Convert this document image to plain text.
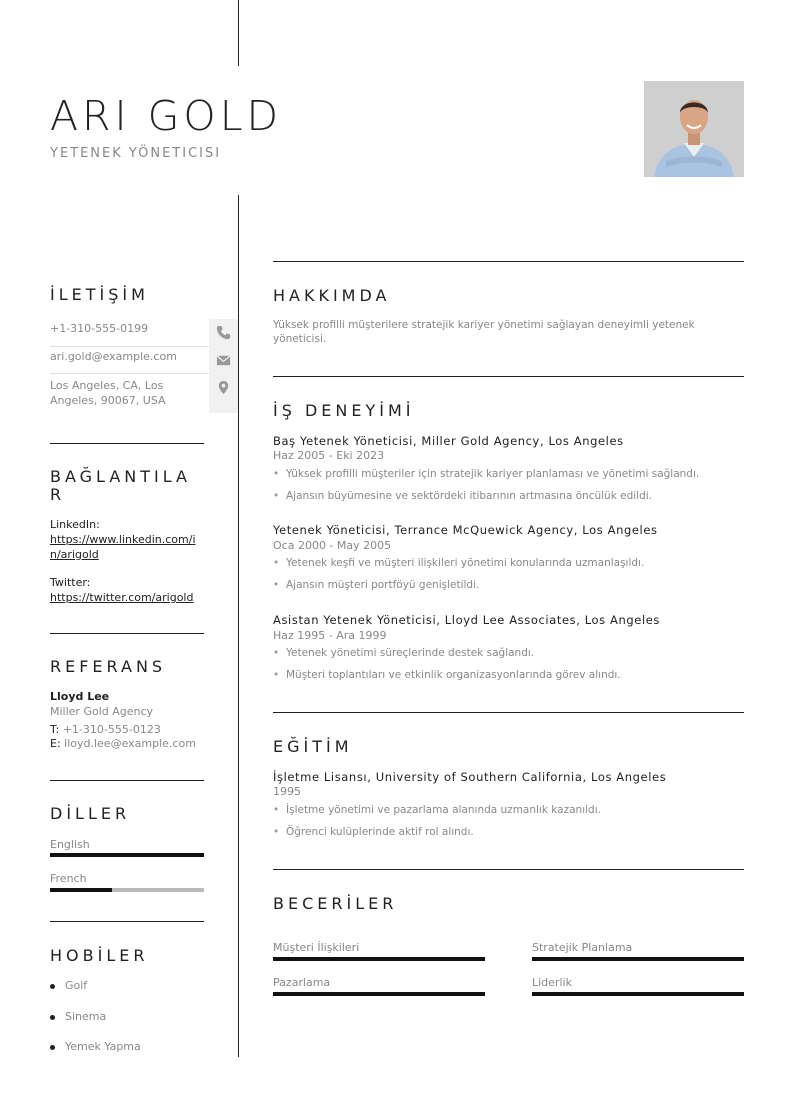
ARI GOLD
YETENEK YÖNETICISI
İLETİŞİM
+1-310-555-0199
ari.gold@example.com
Los Angeles, CA, Los Angeles, 90067, USA
BAĞLANTILA
R
LinkedIn:
https://www.linkedin.com/in/arigold
Twitter:
https://twitter.com/arigold
REFERANS
Lloyd Lee
Miller Gold Agency
T: +1-310-555-0123
E: lloyd.lee@example.com
DİLLER
English
French
HOBİLER
Golf
Sinema
Yemek Yapma
HAKKIMDA
Yüksek profilli müşterilere stratejik kariyer yönetimi sağlayan deneyimli yetenek yöneticisi.
İŞ DENEYİMİ
Baş Yetenek Yöneticisi, Miller Gold Agency, Los Angeles
Haz 2005 - Eki 2023
• Yüksek profilli müşteriler için stratejik kariyer planlaması ve yönetimi sağlandı.
• Ajansın büyümesine ve sektördeki itibarının artmasına öncülük edildi.
Yetenek Yöneticisi, Terrance McQuewick Agency, Los Angeles
Oca 2000 - May 2005
• Yetenek keşfi ve müşteri ilişkileri yönetimi konularında uzmanlaşıldı.
• Ajansın müşteri portföyü genişletildi.
Asistan Yetenek Yöneticisi, Lloyd Lee Associates, Los Angeles
Haz 1995 - Ara 1999
• Yetenek yönetimi süreçlerinde destek sağlandı.
• Müşteri toplantıları ve etkinlik organizasyonlarında görev alındı.
EĞİTİM
İşletme Lisansı, University of Southern California, Los Angeles
1995
• İşletme yönetimi ve pazarlama alanında uzmanlık kazanıldı.
• Öğrenci kulüplerinde aktif rol alındı.
BECERİLER
Müşteri İlişkileri	Stratejik Planlama
Pazarlama	Liderlik
